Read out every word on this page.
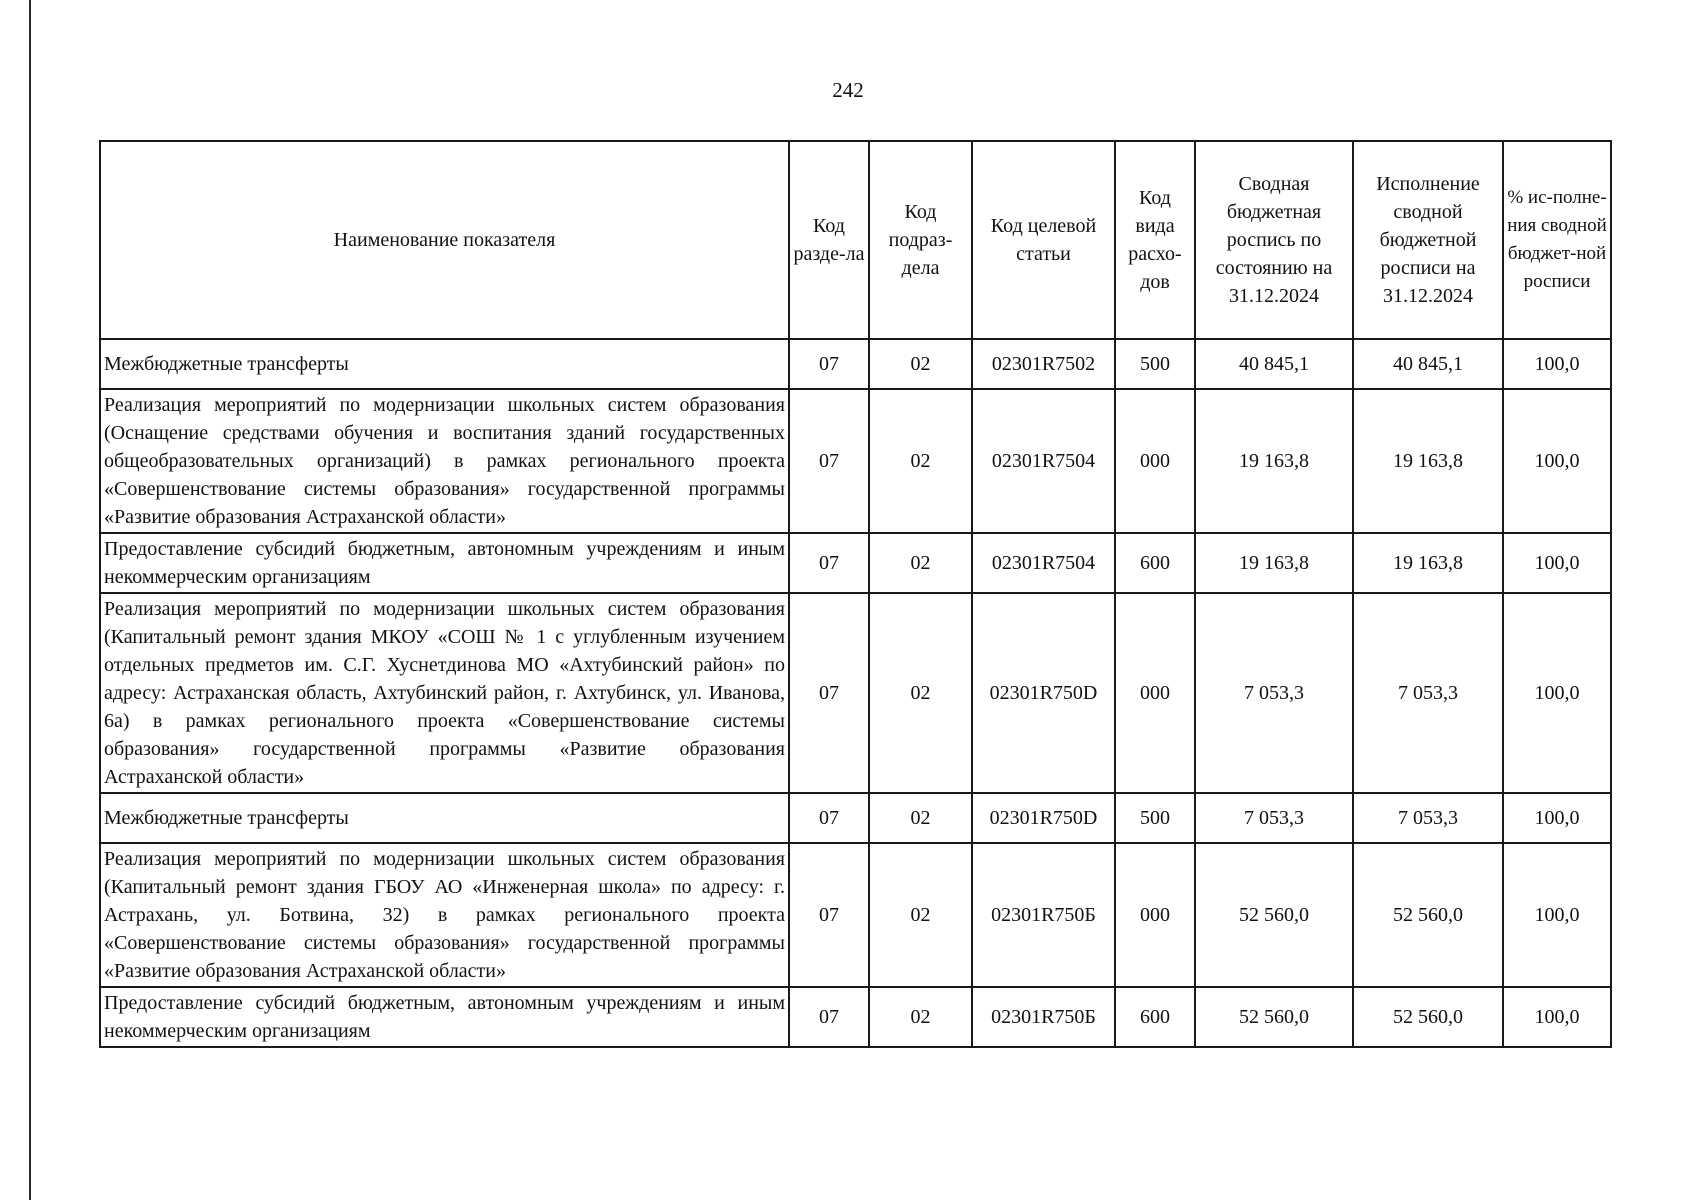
242
Наименование показателя	Код разде-ла	Код подраз-дела	Код целевой статьи	Код вида расхо-дов	Сводная бюджетная роспись по состоянию на 31.12.2024	Исполнение сводной бюджетной росписи на 31.12.2024	% ис-полне-ния сводной бюджет-ной росписи
Межбюджетные трансферты	07	02	02301R7502	500	40 845,1	40 845,1	100,0
Реализация мероприятий по модернизации школьных систем образования (Оснащение средствами обучения и воспитания зданий государственных общеобразовательных организаций) в рамках регионального проекта «Совершенствование системы образования» государственной программы «Развитие образования Астраханской области»	07	02	02301R7504	000	19 163,8	19 163,8	100,0
Предоставление субсидий бюджетным, автономным учреждениям и иным некоммерческим организациям	07	02	02301R7504	600	19 163,8	19 163,8	100,0
Реализация мероприятий по модернизации школьных систем образования (Капитальный ремонт здания МКОУ «СОШ № 1 с углубленным изучением отдельных предметов им. С.Г. Хуснетдинова МО «Ахтубинский район» по адресу: Астраханская область, Ахтубинский район, г. Ахтубинск, ул. Иванова, 6а) в рамках регионального проекта «Совершенствование системы образования» государственной программы «Развитие образования Астраханской области»	07	02	02301R750D	000	7 053,3	7 053,3	100,0
Межбюджетные трансферты	07	02	02301R750D	500	7 053,3	7 053,3	100,0
Реализация мероприятий по модернизации школьных систем образования (Капитальный ремонт здания ГБОУ АО «Инженерная школа» по адресу: г. Астрахань, ул. Ботвина, 32) в рамках регионального проекта «Совершенствование системы образования» государственной программы «Развитие образования Астраханской области»	07	02	02301R750Б	000	52 560,0	52 560,0	100,0
Предоставление субсидий бюджетным, автономным учреждениям и иным некоммерческим организациям	07	02	02301R750Б	600	52 560,0	52 560,0	100,0
